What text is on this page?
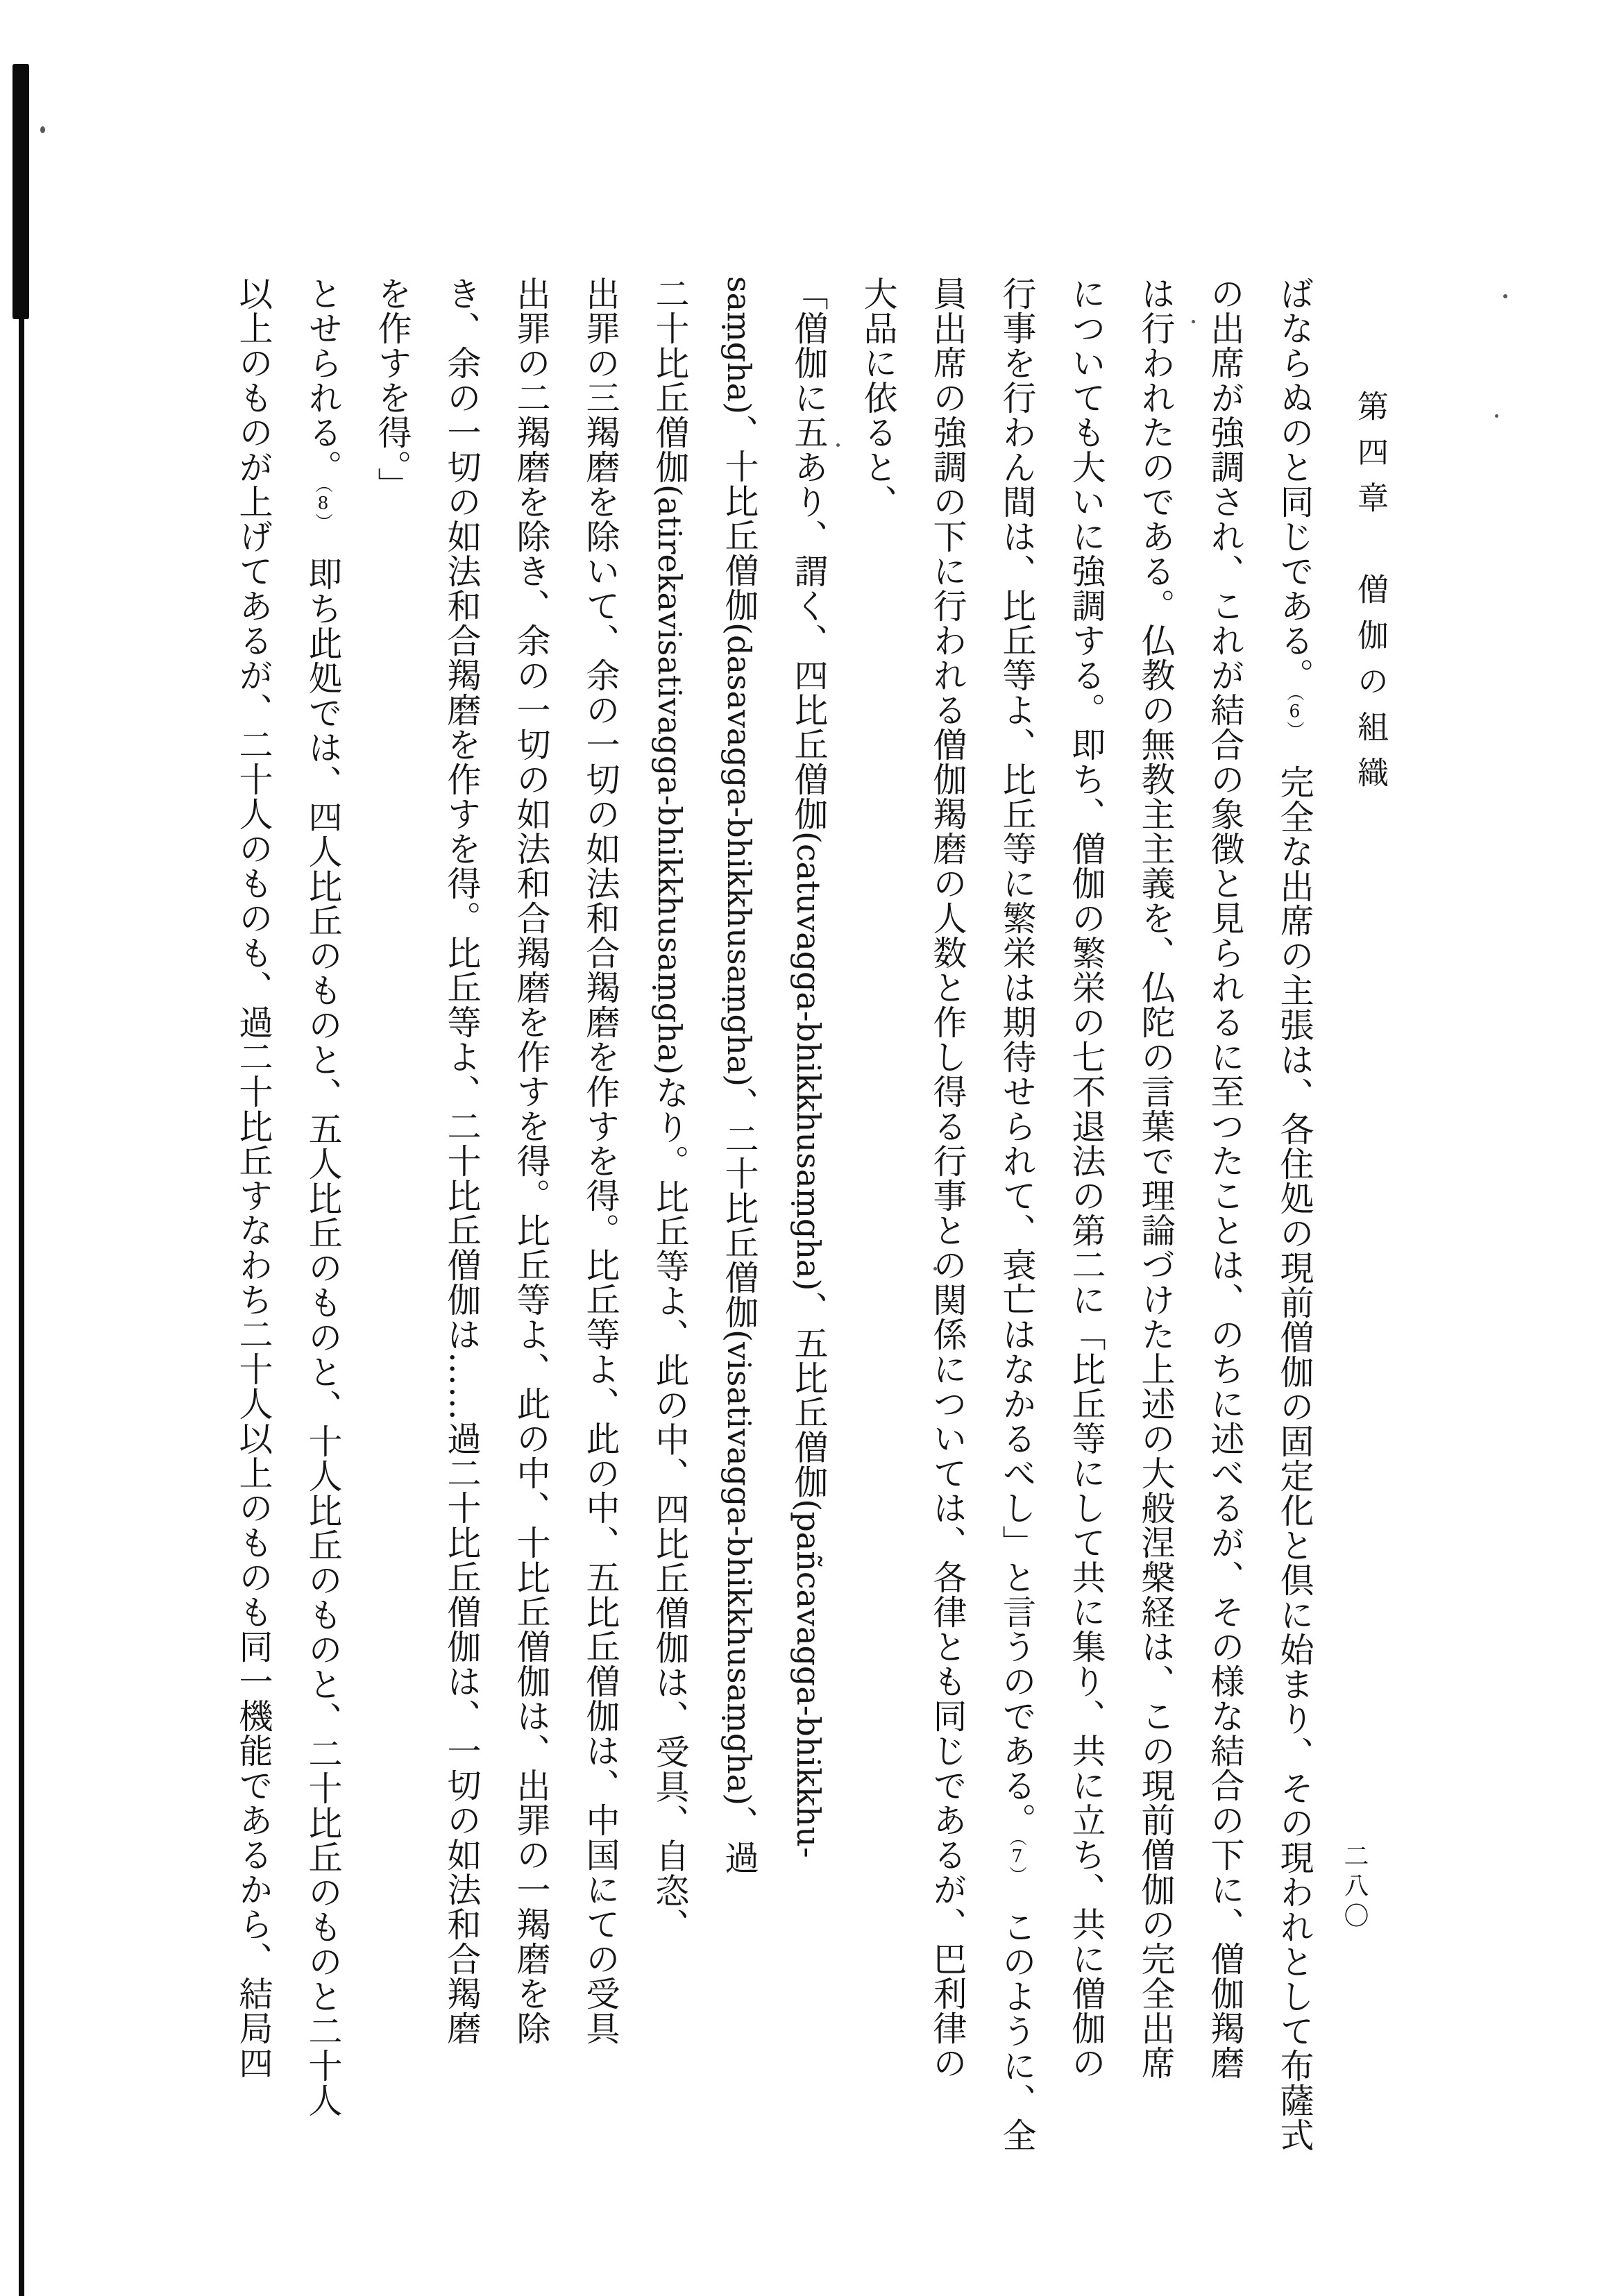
第四章　僧伽の組織
二八〇
ばならぬのと同じである。（6）　完全な出席の主張は、各住処の現前僧伽の固定化と倶に始まり、その現われとして布薩式
の出席が強調され、これが結合の象徴と見られるに至つたことは、のちに述べるが、その様な結合の下に、僧伽羯磨
は行われたのである。仏教の無教主主義を、仏陀の言葉で理論づけた上述の大般涅槃経は、この現前僧伽の完全出席
についても大いに強調する。即ち、僧伽の繁栄の七不退法の第二に「比丘等にして共に集り、共に立ち、共に僧伽の
行事を行わん間は、比丘等よ、比丘等に繁栄は期待せられて、衰亡はなかるべし」と言うのである。（7）　このように、全
員出席の強調の下に行われる僧伽羯磨の人数と作し得る行事との関係については、各律とも同じであるが、巴利律の
大品に依ると、
「僧伽に五あり、謂く、四比丘僧伽(catuvagga-bhikkhusaṃgha)、五比丘僧伽(pañcavagga-bhikkhu-
saṃgha)、十比丘僧伽(dasavagga-bhikkhusaṃgha)、二十比丘僧伽(visativagga-bhikkhusaṃgha)、過
二十比丘僧伽(atirekavisativagga-bhikkhusaṃgha)なり。比丘等よ、此の中、四比丘僧伽は、受具、自恣、
出罪の三羯磨を除いて、余の一切の如法和合羯磨を作すを得。比丘等よ、此の中、五比丘僧伽は、中国にての受具
出罪の二羯磨を除き、余の一切の如法和合羯磨を作すを得。比丘等よ、此の中、十比丘僧伽は、出罪の一羯磨を除
き、余の一切の如法和合羯磨を作すを得。比丘等よ、二十比丘僧伽は……過二十比丘僧伽は、一切の如法和合羯磨
を作すを得。」
とせられる。（8）　即ち此処では、四人比丘のものと、五人比丘のものと、十人比丘のものと、二十比丘のものと二十人
以上のものが上げてあるが、二十人のものも、過二十比丘すなわち二十人以上のものも同一機能であるから、結局四
